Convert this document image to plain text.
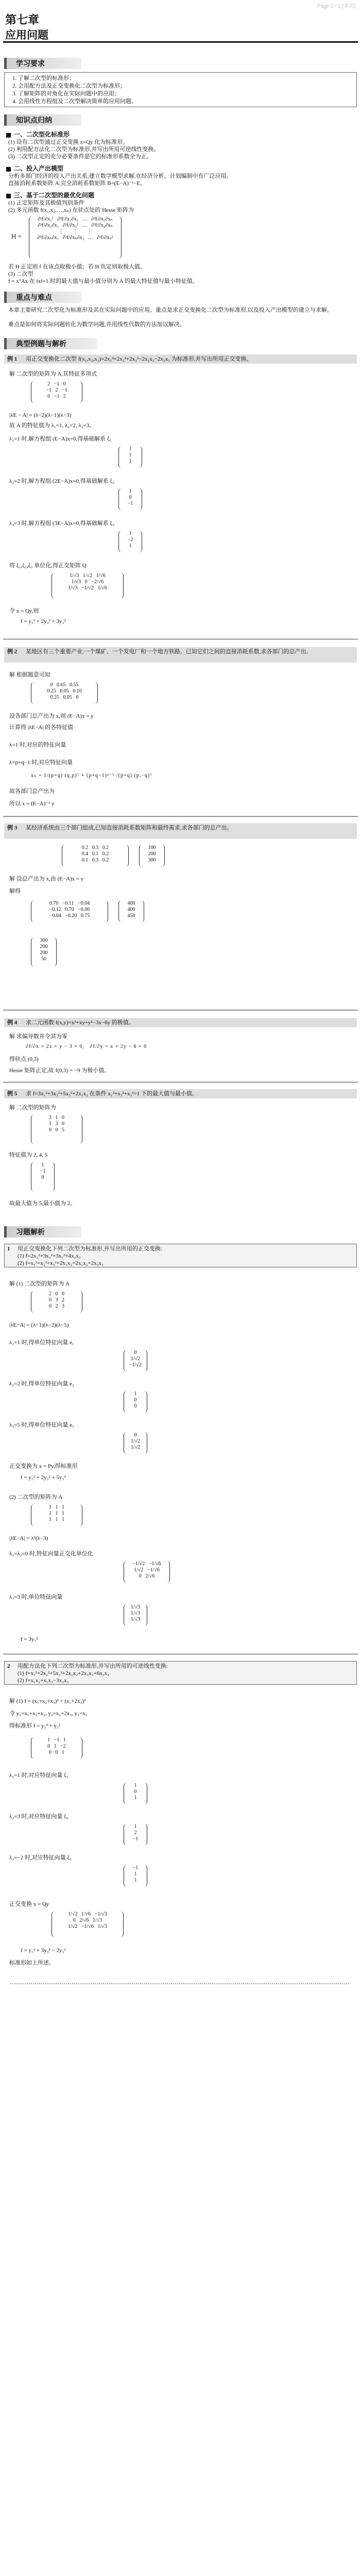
Page 1 / 1 (本页)
第七章
应用问题
学习要求
1. 了解二次型的标准形；
2. 会用配方法及正交变换化二次型为标准形；
3. 了解矩阵的对角化在实际问题中的应用；
4. 会用线性方程组及二次型解决简单的应用问题。
知识点归纳
一、二次型化标准形
(1) 设有二次型通过正交变换 x=Qy 化为标准形。
(2) 利用配方法化二次型为标准形,并写出所用可逆线性变换。
(3) 二次型正定的充分必要条件是它的标准形系数全为正。
二、投入产出模型
分析多部门经济的投入产出关系,建立数学模型求解,在经济分析、计划编制中有广泛应用。
直接消耗系数矩阵 A,完全消耗系数矩阵 B=(E−A)⁻¹−E。
三、基于二次型的最优化问题
(1) 正定矩阵及其极值判别条件
(2) 多元函数 f(x₁,x₂,…,xₙ) 在驻点处的 Hesse 矩阵为
H =
∂²f/∂x₁²   ∂²f/∂x₁∂x₂   …   ∂²f/∂x₁∂xₙ
∂²f/∂x₂∂x₁   ∂²f/∂x₂²   …   ∂²f/∂x₂∂xₙ
⋮       ⋮       ⋮
∂²f/∂xₙ∂x₁   ∂²f/∂xₙ∂x₂   …   ∂²f/∂xₙ²
若 H 正定则 f 在该点取极小值；若 H 负定则取极大值。
(3) 二次型
f = xᵀAx 在 ‖x‖=1 时的最大值与最小值分别为 A 的最大特征值与最小特征值。
重点与难点
本章主要研究二次型化为标准形及其在实际问题中的应用。重点是求正交变换化二次型为标准形,以及投入产出模型的建立与求解。
难点是如何将实际问题转化为数学问题,并用线性代数的方法加以解决。
典型例题与解析
例 1 用正交变换化二次型 f(x₁,x₂,x₃)=2x₁²+2x₂²+2x₃²−2x₁x₂−2x₂x₃ 为标准形,并写出所用正交变换。
解 二次型的矩阵为 A,其特征多项式
2   −1   0
−1   2   −1
0   −1   2
|λE − A| = (λ−2)(λ−1)(λ−3)
故 A 的特征值为 λ₁=1, λ₂=2, λ₃=3。
λ₁=1 时,解方程组 (E−A)x=0,得基础解系 ξ₁
1
1
1
λ₂=2 时,解方程组 (2E−A)x=0,得基础解系 ξ₂
1
0
−1
λ₃=3 时,解方程组 (3E−A)x=0,得基础解系 ξ₃
1
−2
1
将 ξ₁,ξ₂,ξ₃ 单位化,得正交矩阵 Q
1/√3   1/√2   1/√6
1/√3   0   −2/√6
1/√3   −1/√2   1/√6
令 x = Qy,则
f = y₁² + 2y₂² + 3y₃²
例 2 某地区有三个重要产业,一个煤矿、一个发电厂和一个地方铁路。已知它们之间的直接消耗系数,求各部门的总产出。
解 根据题意可知
0   0.65   0.55
0.25   0.05   0.10
0.25   0.05   0
设各部门总产出为 x,则 (E−A)x = y
计算得 |λE−A| 的各特征值
λ=1 时,对应的特征向量
λ=p+q−1 时,对应特征向量
xₙ = 1/(p+q) (q,p)ᵀ + (p+q−1)ⁿ⁻¹ /(p+q) (p,−q)ᵀ
故各部门总产出为
所以 x = (E−A)⁻¹ y
例 3 某经济系统由三个部门组成,已知直接消耗系数矩阵和最终需求,求各部门的总产出。
0.2   0.3   0.2
0.4   0.1   0.2
0.1   0.3   0.2
100
200
300
解 设总产出为 x,由 (E−A)x = y
解得
0.70   −0.11   −0.04
−0.12   0.70   −0.06
−0.04   −0.20   0.75
400
400
450
300
200
200
50
例 4 求二元函数 f(x,y)=x²+xy+y²−3x−6y 的极值。
解 求偏导数并令其为零
∂f/∂x = 2x + y − 3 = 0,   ∂f/∂y = x + 2y − 6 = 0
得驻点 (0,3)
Hesse 矩阵正定,故 f(0,3) = −9 为极小值。
例 5 求 f=3x₁²+3x₂²+5x₃²+2x₁x₂ 在条件 x₁²+x₂²+x₃²=1 下的最大值与最小值。
解 二次型的矩阵为
3   1   0
1   3   0
0   0   5
特征值为 2, 4, 5
1
−1
0
故最大值为 5,最小值为 2。
习题解析
1 用正交变换化下列二次型为标准形,并写出所用的正交变换:
(1) f=2x₁²+3x₂²+3x₃²+4x₂x₃
(2) f=x₁²+x₂²+x₃²+2x₁x₂+2x₁x₃+2x₂x₃
解 (1) 二次型的矩阵为 A
2   0   0
0   3   2
0   2   3
|λE−A| = (λ−1)(λ−2)(λ−5)
λ₁=1 时,得单位特征向量 e₁
0
1/√2
−1/√2
λ₂=2 时,得单位特征向量 e₂
1
0
0
λ₃=5 时,得单位特征向量 e₃
0
1/√2
1/√2
正交变换为 x = Py,得标准形
f = y₁² + 2y₂² + 5y₃²
(2) 二次型的矩阵为 A
1   1   1
1   1   1
1   1   1
|λE−A| = λ²(λ−3)
λ₁=λ₂=0 时,特征向量正交化单位化
−1/√2   −1/√6
1/√2   −1/√6
0   2/√6
λ₃=3 时,单位特征向量
1/√3
1/√3
1/√3
f = 3y₃²
2 用配方法化下列二次型为标准形,并写出所用的可逆线性变换:
(1) f=x₁²+2x₂²+5x₃²+2x₁x₂+2x₁x₃+6x₂x₃
(2) f=x₁x₂+x₁x₃−3x₂x₃
解 (1) f = (x₁+x₂+x₃)² + (x₂+2x₃)²
令 y₁=x₁+x₂+x₃, y₂=x₂+2x₃, y₃=x₃
得标准形 f = y₁² + y₂²
1   −1   1
0   1   −2
0   0   1
λ₁=1 时,对应特征向量 ξ₁
1
0
1
λ₂=3 时,对应特征向量 ξ₂
1
2
−1
λ₃=−2 时,对应特征向量 ξ₃
−1
1
1
正交变换 x = Qy
1/√2   1/√6   −1/√3
0   2/√6   1/√3
1/√2   −1/√6   1/√3
f = y₁² + 3y₂² − 2y₃²
标准形如上所述。
